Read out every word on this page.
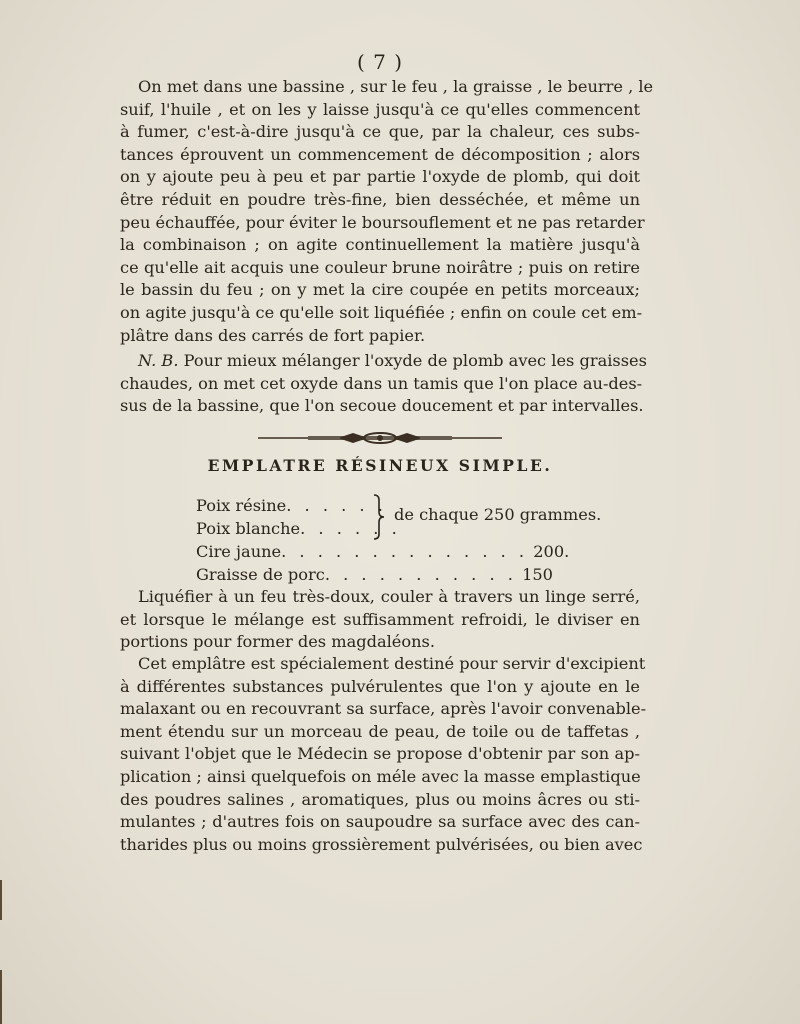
( 7 )

On met dans une bassine , sur le feu , la graisse , le beurre , le
suif, l'huile , et on les y laisse jusqu'à ce qu'elles commencent
à fumer, c'est-à-dire jusqu'à ce que, par la chaleur, ces subs-
tances éprouvent un commencement de décomposition ; alors
on y ajoute peu à peu et par partie l'oxyde de plomb, qui doit
être réduit en poudre très-fine, bien desséchée, et même un
peu échauffée, pour éviter le boursouflement et ne pas retarder
la combinaison ; on agite continuellement la matière jusqu'à
ce qu'elle ait acquis une couleur brune noirâtre ; puis on retire
le bassin du feu ; on y met la cire coupée en petits morceaux;
on agite jusqu'à ce qu'elle soit liquéfiée ; enfin on coule cet em-
plâtre dans des carrés de fort papier.

N. B. Pour mieux mélanger l'oxyde de plomb avec les graisses
chaudes, on met cet oxyde dans un tamis que l'on place au-des-
sus de la bassine, que l'on secoue doucement et par intervalles.

EMPLATRE RÉSINEUX SIMPLE.
Poix résine. . . . . .
Poix blanche. . . . . .
de chaque 250 grammes.
Cire jaune. . . . . . . . . . . . . . 200.
Graisse de porc. . . . . . . . . . . 150

Liquéfier à un feu très-doux, couler à travers un linge serré,
et lorsque le mélange est suffisamment refroidi, le diviser en
portions pour former des magdaléons.

Cet emplâtre est spécialement destiné pour servir d'excipient
à différentes substances pulvérulentes que l'on y ajoute en le
malaxant ou en recouvrant sa surface, après l'avoir convenable-
ment étendu sur un morceau de peau, de toile ou de taffetas ,
suivant l'objet que le Médecin se propose d'obtenir par son ap-
plication ; ainsi quelquefois on méle avec la masse emplastique
des poudres salines , aromatiques, plus ou moins âcres ou sti-
mulantes ; d'autres fois on saupoudre sa surface avec des can-
tharides plus ou moins grossièrement pulvérisées, ou bien avec
